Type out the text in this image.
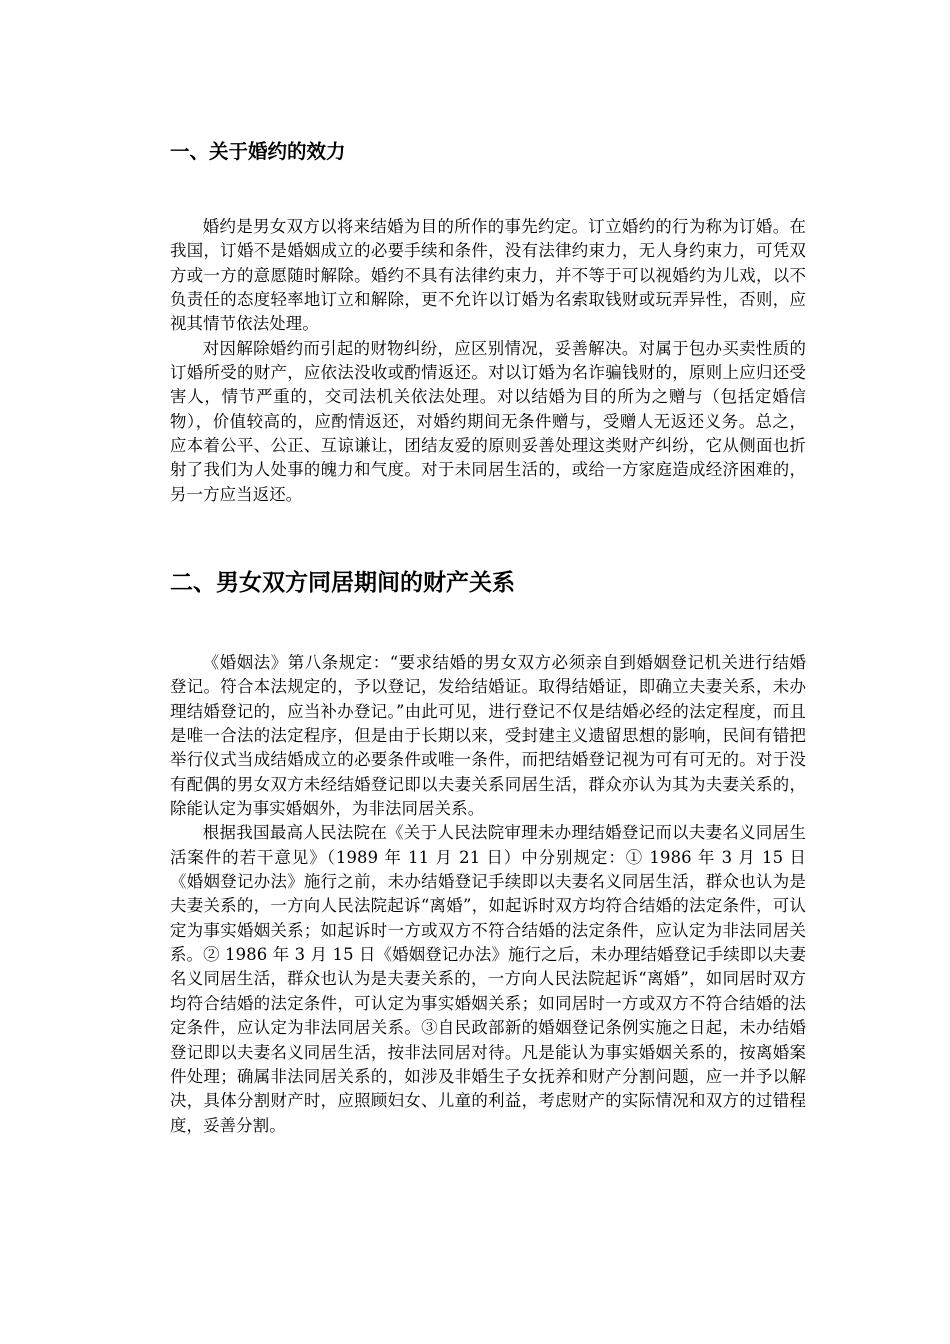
一、关于婚约的效力

婚约是男女双方以将来结婚为目的所作的事先约定。订立婚约的行为称为订婚。在我国，订婚不是婚姻成立的必要手续和条件，没有法律约束力，无人身约束力，可凭双方或一方的意愿随时解除。婚约不具有法律约束力，并不等于可以视婚约为儿戏，以不负责任的态度轻率地订立和解除，更不允许以订婚为名索取钱财或玩弄异性，否则，应视其情节依法处理。

对因解除婚约而引起的财物纠纷，应区别情况，妥善解决。对属于包办买卖性质的订婚所受的财产，应依法没收或酌情返还。对以订婚为名诈骗钱财的，原则上应归还受害人，情节严重的，交司法机关依法处理。对以结婚为目的所为之赠与（包括定婚信物），价值较高的，应酌情返还，对婚约期间无条件赠与，受赠人无返还义务。总之，应本着公平、公正、互谅谦让，团结友爱的原则妥善处理这类财产纠纷，它从侧面也折射了我们为人处事的魄力和气度。对于未同居生活的，或给一方家庭造成经济困难的，另一方应当返还。

二、男女双方同居期间的财产关系

《婚姻法》第八条规定：“要求结婚的男女双方必须亲自到婚姻登记机关进行结婚登记。符合本法规定的，予以登记，发给结婚证。取得结婚证，即确立夫妻关系，未办理结婚登记的，应当补办登记。”由此可见，进行登记不仅是结婚必经的法定程度，而且是唯一合法的法定程序，但是由于长期以来，受封建主义遗留思想的影响，民间有错把举行仪式当成结婚成立的必要条件或唯一条件，而把结婚登记视为可有可无的。对于没有配偶的男女双方未经结婚登记即以夫妻关系同居生活，群众亦认为其为夫妻关系的，除能认定为事实婚姻外，为非法同居关系。

根据我国最高人民法院在《关于人民法院审理未办理结婚登记而以夫妻名义同居生活案件的若干意见》（1989 年 11 月 21 日）中分别规定：① 1986 年 3 月 15 日《婚姻登记办法》施行之前，未办结婚登记手续即以夫妻名义同居生活，群众也认为是夫妻关系的，一方向人民法院起诉“离婚”，如起诉时双方均符合结婚的法定条件，可认定为事实婚姻关系；如起诉时一方或双方不符合结婚的法定条件，应认定为非法同居关系。② 1986 年 3 月 15 日《婚姻登记办法》施行之后，未办理结婚登记手续即以夫妻名义同居生活，群众也认为是夫妻关系的，一方向人民法院起诉“离婚”，如同居时双方均符合结婚的法定条件，可认定为事实婚姻关系；如同居时一方或双方不符合结婚的法定条件，应认定为非法同居关系。③自民政部新的婚姻登记条例实施之日起，未办结婚登记即以夫妻名义同居生活，按非法同居对待。凡是能认为事实婚姻关系的，按离婚案件处理；确属非法同居关系的，如涉及非婚生子女抚养和财产分割问题，应一并予以解决，具体分割财产时，应照顾妇女、儿童的利益，考虑财产的实际情况和双方的过错程度，妥善分割。
